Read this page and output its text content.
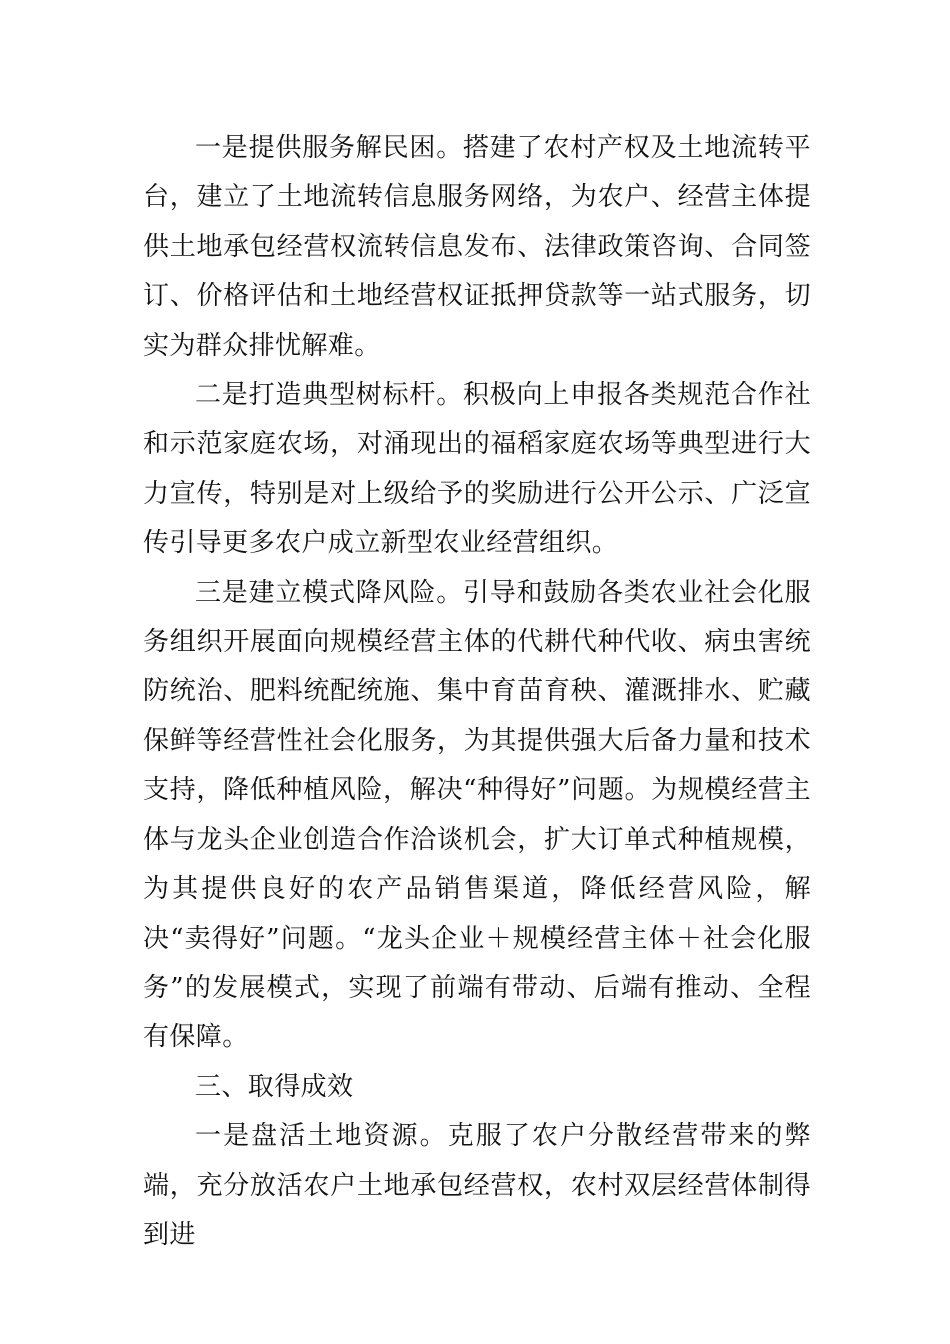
一是提供服务解民困。搭建了农村产权及土地流转平台，建立了土地流转信息服务网络，为农户、经营主体提供土地承包经营权流转信息发布、法律政策咨询、合同签订、价格评估和土地经营权证抵押贷款等一站式服务，切实为群众排忧解难。

二是打造典型树标杆。积极向上申报各类规范合作社和示范家庭农场，对涌现出的福稻家庭农场等典型进行大力宣传，特别是对上级给予的奖励进行公开公示、广泛宣传引导更多农户成立新型农业经营组织。

三是建立模式降风险。引导和鼓励各类农业社会化服务组织开展面向规模经营主体的代耕代种代收、病虫害统防统治、肥料统配统施、集中育苗育秧、灌溉排水、贮藏保鲜等经营性社会化服务，为其提供强大后备力量和技术支持，降低种植风险，解决“种得好”问题。为规模经营主体与龙头企业创造合作洽谈机会，扩大订单式种植规模，为其提供良好的农产品销售渠道，降低经营风险，解决“卖得好”问题。“龙头企业＋规模经营主体＋社会化服务”的发展模式，实现了前端有带动、后端有推动、全程有保障。

三、取得成效

一是盘活土地资源。克服了农户分散经营带来的弊端，充分放活农户土地承包经营权，农村双层经营体制得到进
